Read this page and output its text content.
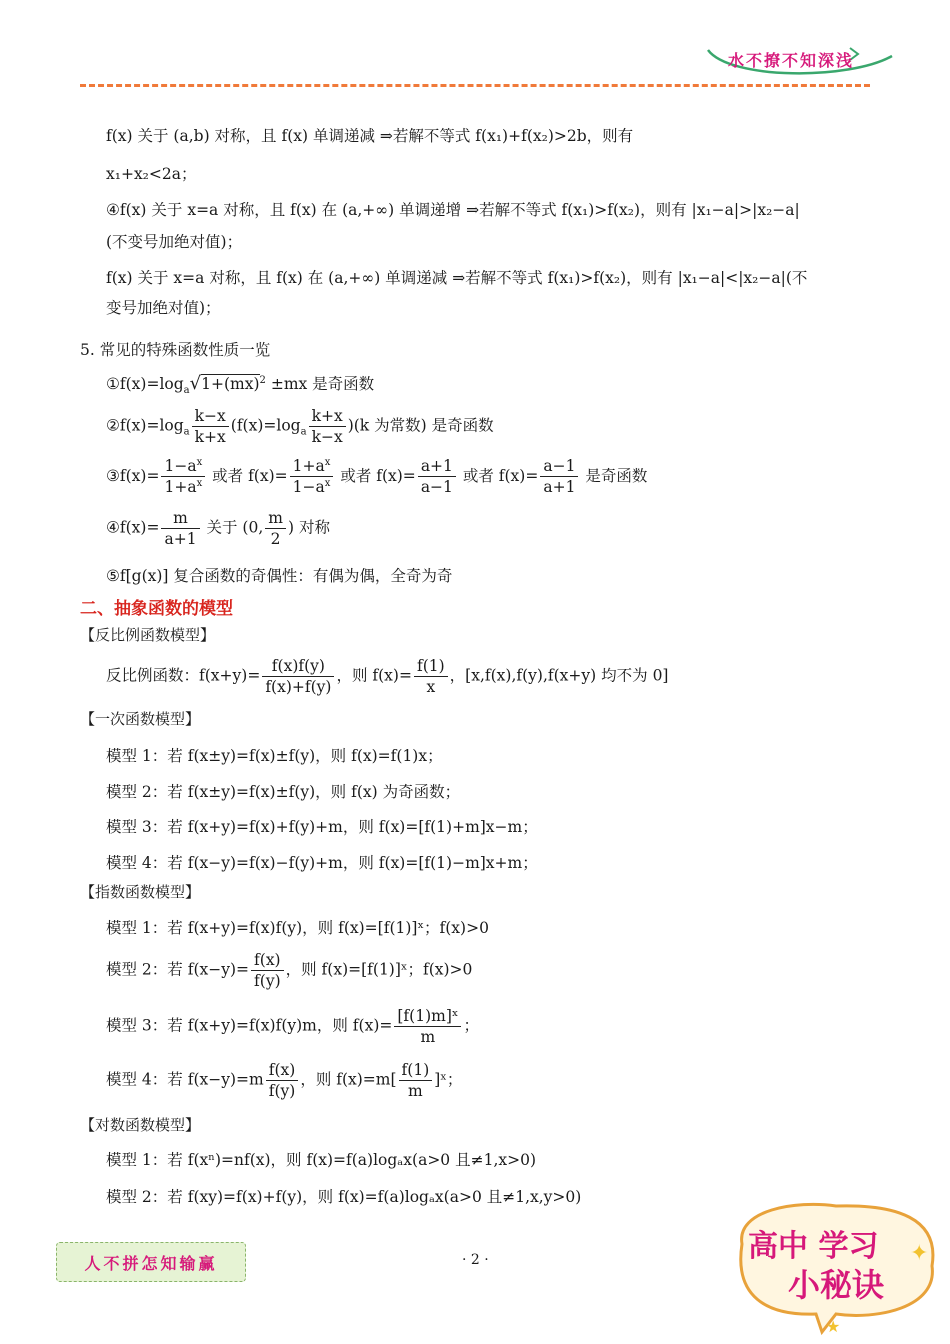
水不撩不知深浅
f(x) 关于 (a,b) 对称，且 f(x) 单调递减 ⇒若解不等式 f(x₁)+f(x₂)>2b，则有
x₁+x₂<2a；
④f(x) 关于 x=a 对称，且 f(x) 在 (a,+∞) 单调递增 ⇒若解不等式 f(x₁)>f(x₂)，则有 |x₁−a|>|x₂−a|
(不变号加绝对值)；
f(x) 关于 x=a 对称，且 f(x) 在 (a,+∞) 单调递减 ⇒若解不等式 f(x₁)>f(x₂)，则有 |x₁−a|<|x₂−a|(不
变号加绝对值)；
5. 常见的特殊函数性质一览
$①f(x)=\log_a√1+(mx)^2 \pm mx$ 是奇函数
$②f(x)=\log_a \frac{k-x}{k+x} (f(x)=\log_a \frac{k+x}{k-x} )(k$ 为常数) 是奇函数
③f(x)= $\frac{1-a^x}{1+a^x}$ 或者 $f(x)= \frac{1+a^x}{1-a^x}$ 或者 $f(x)= \frac{a+1}{a-1}$ 或者 $f(x)= \frac{a-1}{a+1}$ 是奇函数
④f(x)= $\frac{m}{a+1}$ 关于 (0, $\frac{m}{2}$ ) 对称
⑤f[g(x)] 复合函数的奇偶性：有偶为偶，全奇为奇
二、抽象函数的模型
【反比例函数模型】
反比例函数：$f(x+y)= \frac{f(x)f(y)}{f(x)+f(y)}$ ，则 $f(x)= \frac{f(1)}{x}$ ，[x,f(x),f(y),f(x+y) 均不为 0]
【一次函数模型】
模型 1：若 f(x±y)=f(x)±f(y)，则 f(x)=f(1)x；
模型 2：若 f(x±y)=f(x)±f(y)，则 f(x) 为奇函数；
模型 3：若 f(x+y)=f(x)+f(y)+m，则 f(x)=[f(1)+m]x−m；
模型 4：若 f(x−y)=f(x)−f(y)+m，则 f(x)=[f(1)−m]x+m；
【指数函数模型】
模型 1：若 f(x+y)=f(x)f(y)，则 f(x)=[f(1)]ˣ；f(x)>0
模型 2：若 $f(x-y)= \frac{f(x)}{f(y)}$ ，则 f(x)=[f(1)]ˣ；f(x)>0
模型 3：若 f(x+y)=f(x)f(y)m，则 $f(x)= \frac{\text{[f(1)m]ˣ}}{m}$ ；
模型 4：若 $f(x-y)=m \frac{f(x)}{f(y)}$ ，则 $f(x)=m[ \frac{f(1)}{m}$ ]ˣ；
【对数函数模型】
模型 1：若 f(xⁿ)=nf(x)，则 f(x)=f(a)logₐx(a>0 且≠1,x>0)
模型 2：若 f(xy)=f(x)+f(y)，则 f(x)=f(a)logₐx(a>0 且≠1,x,y>0)
人不拼怎知输赢	· 2 ·	高中 学习
小秘诀
✦
★
